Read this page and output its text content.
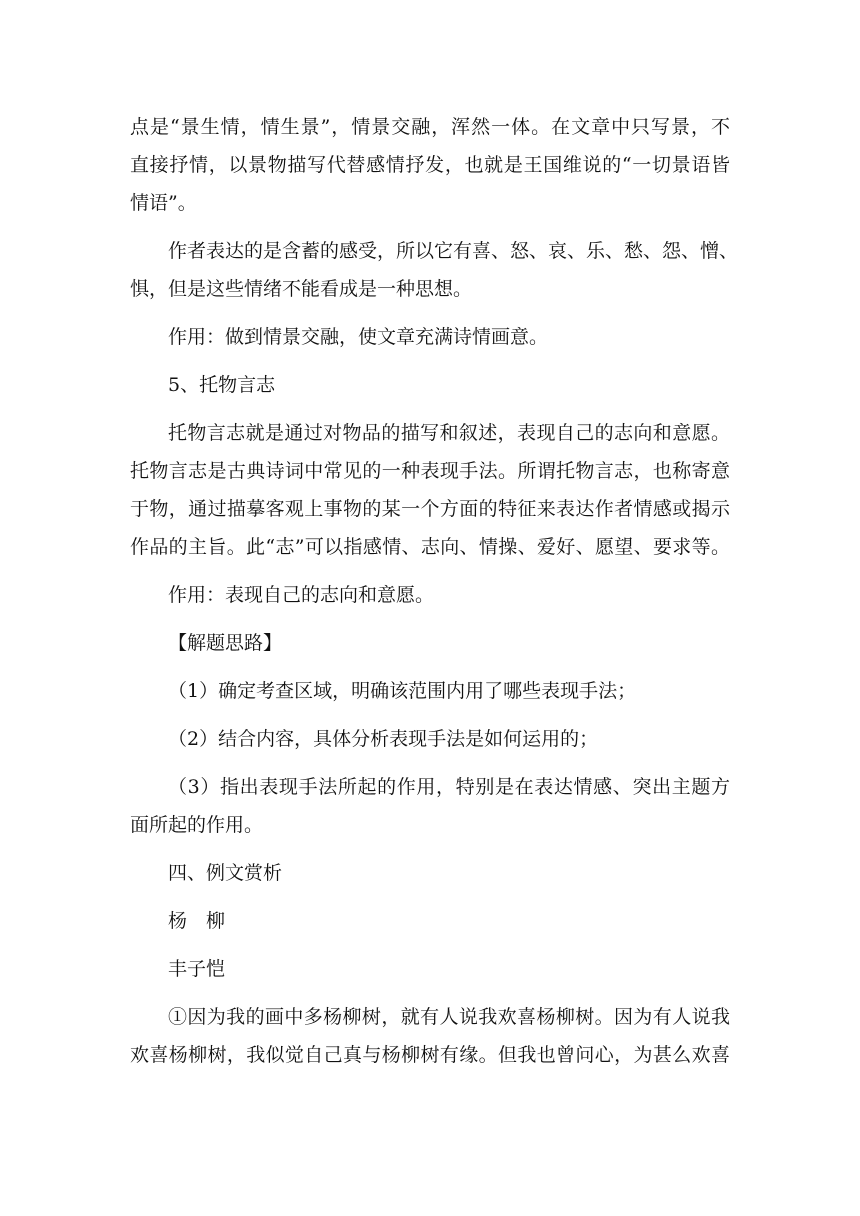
点是“景生情，情生景”，情景交融，浑然一体。在文章中只写景，不
直接抒情，以景物描写代替感情抒发，也就是王国维说的“一切景语皆
情语”。
作者表达的是含蓄的感受，所以它有喜、怒、哀、乐、愁、怨、憎、
惧，但是这些情绪不能看成是一种思想。
作用：做到情景交融，使文章充满诗情画意。
5、托物言志
托物言志就是通过对物品的描写和叙述，表现自己的志向和意愿。
托物言志是古典诗词中常见的一种表现手法。所谓托物言志，也称寄意
于物，通过描摹客观上事物的某一个方面的特征来表达作者情感或揭示
作品的主旨。此“志”可以指感情、志向、情操、爱好、愿望、要求等。
作用：表现自己的志向和意愿。
【解题思路】
（1）确定考查区域，明确该范围内用了哪些表现手法；
（2）结合内容，具体分析表现手法是如何运用的；
（3）指出表现手法所起的作用，特别是在表达情感、突出主题方
面所起的作用。
四、例文赏析
杨　柳
丰子恺
①因为我的画中多杨柳树，就有人说我欢喜杨柳树。因为有人说我
欢喜杨柳树，我似觉自己真与杨柳树有缘。但我也曾问心，为甚么欢喜
